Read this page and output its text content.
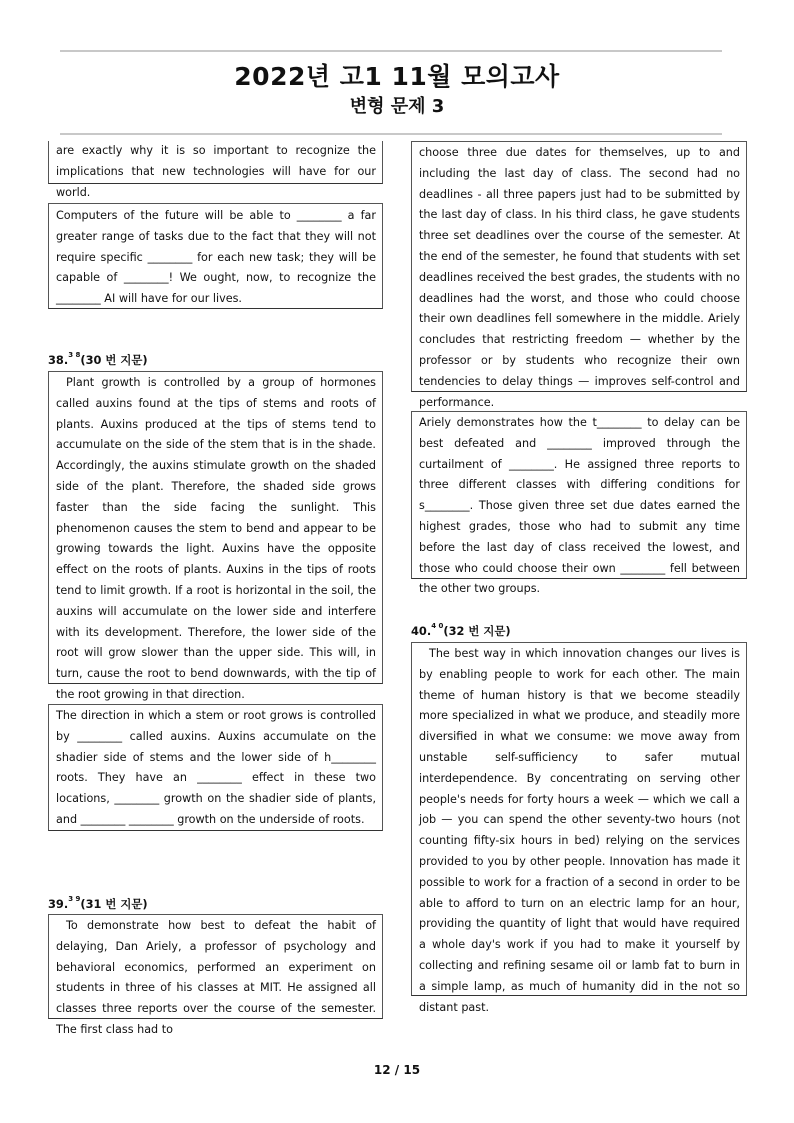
2022년 고1 11월 모의고사
변형 문제 3

are exactly why it is so important to recognize the implications that new technologies will have for our world.

Computers of the future will be able to ________ a far greater range of tasks due to the fact that they will not require specific ________ for each new task; they will be capable of ________! We ought, now, to recognize the ________ AI will have for our lives.

38.$^{3 8}$(30 번 지문)

Plant growth is controlled by a group of hormones called auxins found at the tips of stems and roots of plants. Auxins produced at the tips of stems tend to accumulate on the side of the stem that is in the shade. Accordingly, the auxins stimulate growth on the shaded side of the plant. Therefore, the shaded side grows faster than the side facing the sunlight. This phenomenon causes the stem to bend and appear to be growing towards the light. Auxins have the opposite effect on the roots of plants. Auxins in the tips of roots tend to limit growth. If a root is horizontal in the soil, the auxins will accumulate on the lower side and interfere with its development. Therefore, the lower side of the root will grow slower than the upper side. This will, in turn, cause the root to bend downwards, with the tip of the root growing in that direction.

The direction in which a stem or root grows is controlled by ________ called auxins. Auxins accumulate on the shadier side of stems and the lower side of h________ roots. They have an ________ effect in these two locations, ________ growth on the shadier side of plants, and ________ ________ growth on the underside of roots.

39.$^{3 9}$(31 번 지문)

To demonstrate how best to defeat the habit of delaying, Dan Ariely, a professor of psychology and behavioral economics, performed an experiment on students in three of his classes at MIT. He assigned all classes three reports over the course of the semester. The first class had to

choose three due dates for themselves, up to and including the last day of class. The second had no deadlines - all three papers just had to be submitted by the last day of class. In his third class, he gave students three set deadlines over the course of the semester. At the end of the semester, he found that students with set deadlines received the best grades, the students with no deadlines had the worst, and those who could choose their own deadlines fell somewhere in the middle. Ariely concludes that restricting freedom — whether by the professor or by students who recognize their own tendencies to delay things — improves self-control and performance.

Ariely demonstrates how the t________ to delay can be best defeated and ________ improved through the curtailment of ________. He assigned three reports to three different classes with differing conditions for s________. Those given three set due dates earned the highest grades, those who had to submit any time before the last day of class received the lowest, and those who could choose their own ________ fell between the other two groups.

40.$^{4 0}$(32 번 지문)

The best way in which innovation changes our lives is by enabling people to work for each other. The main theme of human history is that we become steadily more specialized in what we produce, and steadily more diversified in what we consume: we move away from unstable self-sufficiency to safer mutual interdependence. By concentrating on serving other people's needs for forty hours a week — which we call a job — you can spend the other seventy-two hours (not counting fifty-six hours in bed) relying on the services provided to you by other people. Innovation has made it possible to work for a fraction of a second in order to be able to afford to turn on an electric lamp for an hour, providing the quantity of light that would have required a whole day's work if you had to make it yourself by collecting and refining sesame oil or lamb fat to burn in a simple lamp, as much of humanity did in the not so distant past.

12 / 15
